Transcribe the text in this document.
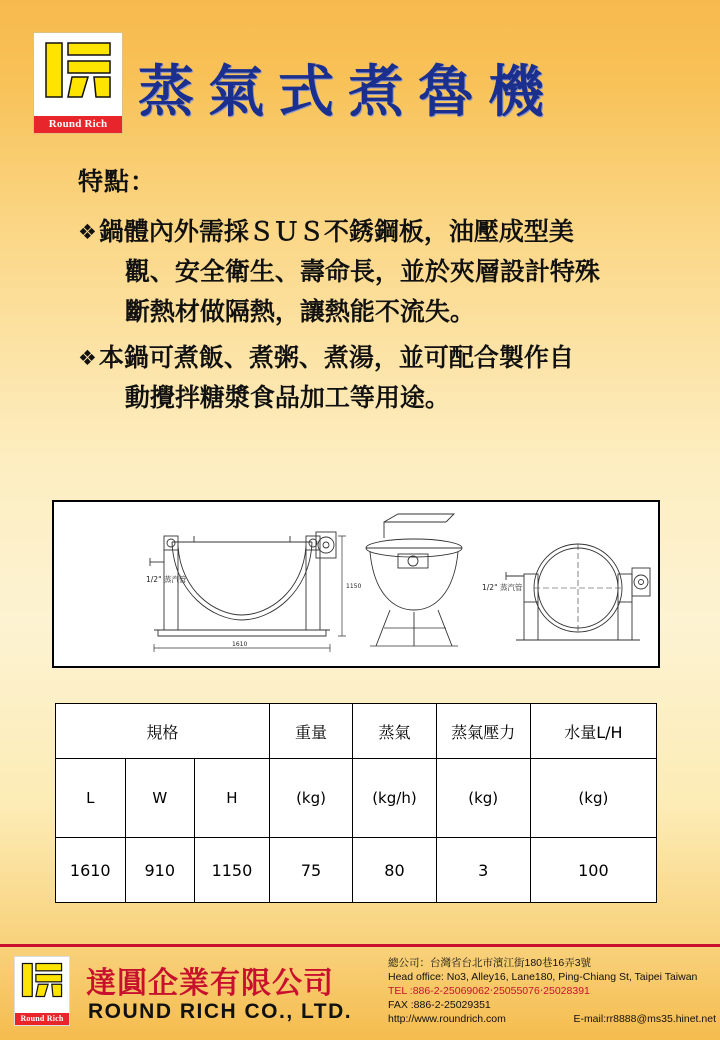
Round Rich 蒸氣式煮魯機
特點：
❖ 鍋體內外需採ＳＵＳ不銹鋼板，油壓成型美
觀、安全衛生、壽命長，並於夾層設計特殊
斷熱材做隔熱，讓熱能不流失。
❖ 本鍋可煮飯、煮粥、煮湯，並可配合製作自
動攪拌糖漿食品加工等用途。
1/2" 蒸汽管
1/2" 蒸汽管
1610
1150
規格			重量	蒸氣	蒸氣壓力	水量L/H
L	W	H	(kg)	(kg/h)	(kg)	(kg)
1610	910	1150	75	80	3	100
Round Rich
達圓企業有限公司
ROUND RICH CO., LTD.
總公司：台灣省台北市濱江街180巷16弄3號
Head office: No3, Alley16, Lane180, Ping-Chiang St, Taipei Taiwan
TEL :886-2-25069062‧25055076‧25028391
FAX :886-2-25029351
http://www.roundrich.com	E-mail:rr8888@ms35.hinet.net
